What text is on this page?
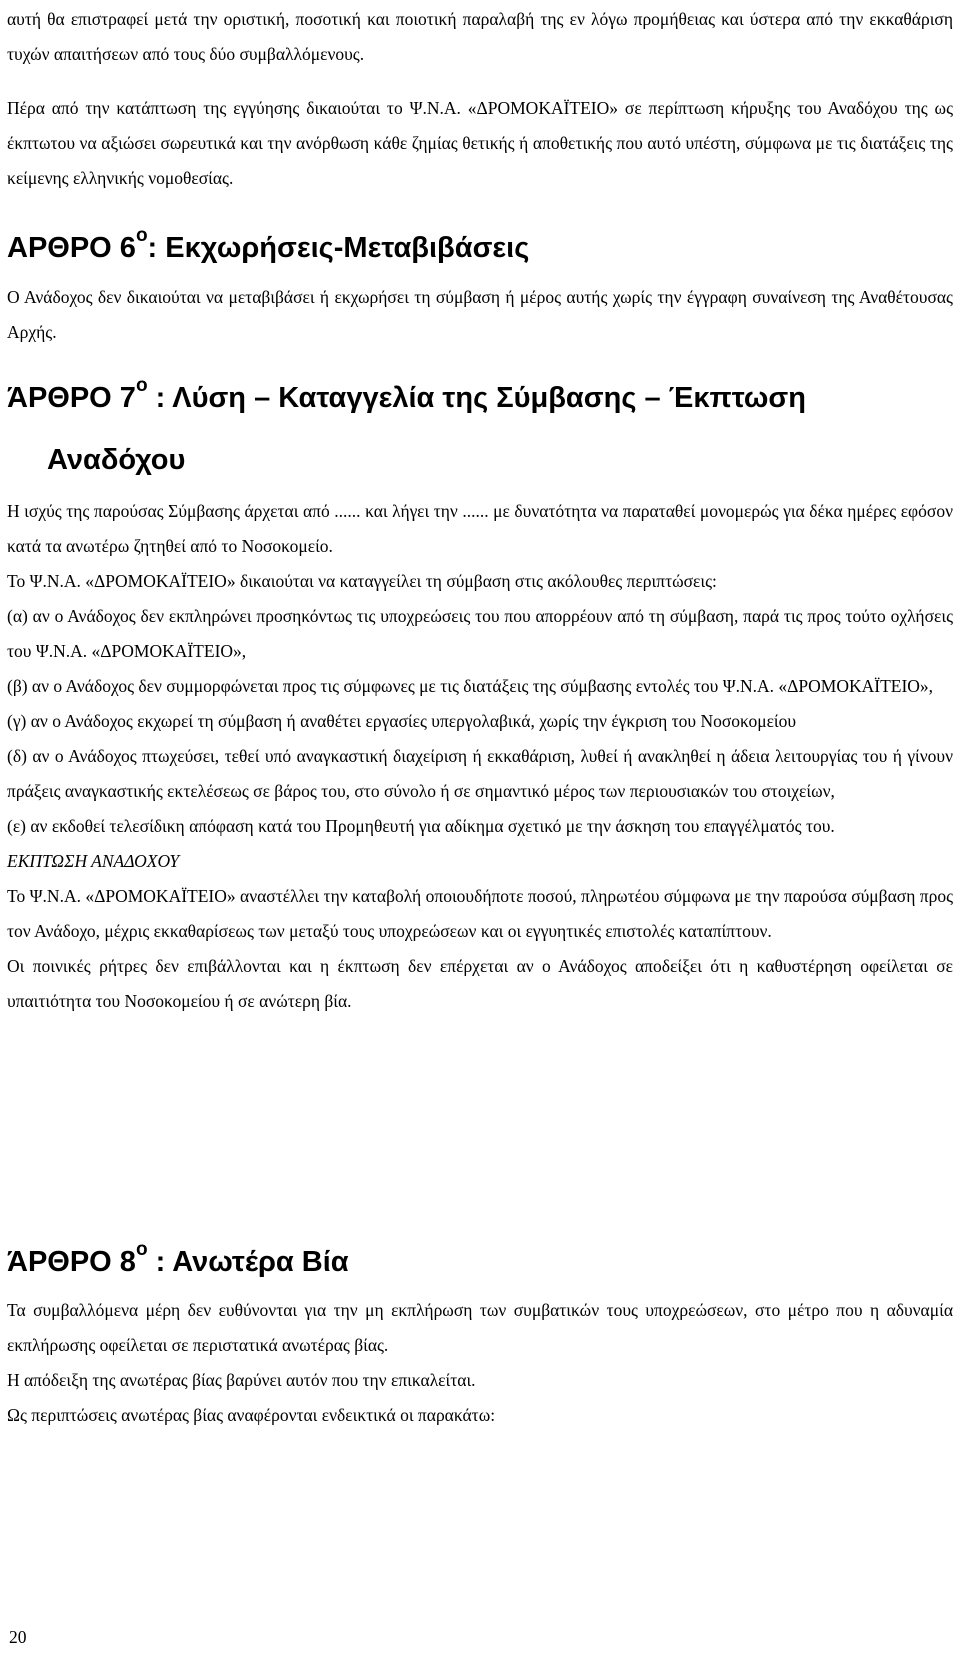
αυτή θα επιστραφεί μετά την οριστική, ποσοτική και ποιοτική παραλαβή της εν λόγω προμήθειας και ύστερα από την εκκαθάριση τυχών απαιτήσεων από τους δύο συμβαλλόμενους.

Πέρα από την κατάπτωση της εγγύησης δικαιούται το Ψ.Ν.Α. «ΔΡΟΜΟΚΑΪΤΕΙΟ» σε περίπτωση κήρυξης του Αναδόχου της ως έκπτωτου να αξιώσει σωρευτικά και την ανόρθωση κάθε ζημίας θετικής ή αποθετικής που αυτό υπέστη, σύμφωνα με τις διατάξεις της κείμενης ελληνικής νομοθεσίας.

ΑΡΘΡΟ $6^o$: Εκχωρήσεις-Μεταβιβάσεις

Ο Ανάδοχος δεν δικαιούται να μεταβιβάσει ή εκχωρήσει τη σύμβαση ή μέρος αυτής χωρίς την έγγραφη συναίνεση της Αναθέτουσας Αρχής.

ΆΡΘΡΟ $7^o$ : Λύση – Καταγγελία της Σύμβασης – Έκπτωση
Αναδόχου

Η ισχύς της παρούσας Σύμβασης άρχεται από ...... και λήγει την ...... με δυνατότητα να παραταθεί μονομερώς για δέκα ημέρες εφόσον κατά τα ανωτέρω ζητηθεί από το Νοσοκομείο.

Το Ψ.Ν.Α. «ΔΡΟΜΟΚΑΪΤΕΙΟ» δικαιούται να καταγγείλει τη σύμβαση στις ακόλουθες περιπτώσεις:

(α) αν ο Ανάδοχος δεν εκπληρώνει προσηκόντως τις υποχρεώσεις του που απορρέουν από τη σύμβαση, παρά τις προς τούτο οχλήσεις του Ψ.Ν.Α. «ΔΡΟΜΟΚΑΪΤΕΙΟ»,

(β) αν ο Ανάδοχος δεν συμμορφώνεται προς τις σύμφωνες με τις διατάξεις της σύμβασης εντολές του Ψ.Ν.Α. «ΔΡΟΜΟΚΑΪΤΕΙΟ»,

(γ) αν ο Ανάδοχος εκχωρεί τη σύμβαση ή αναθέτει εργασίες υπεργολαβικά, χωρίς την έγκριση του Νοσοκομείου

(δ) αν ο Ανάδοχος πτωχεύσει, τεθεί υπό αναγκαστική διαχείριση ή εκκαθάριση, λυθεί ή ανακληθεί η άδεια λειτουργίας του ή γίνουν πράξεις αναγκαστικής εκτελέσεως σε βάρος του, στο σύνολο ή σε σημαντικό μέρος των περιουσιακών του στοιχείων,

(ε) αν εκδοθεί τελεσίδικη απόφαση κατά του Προμηθευτή για αδίκημα σχετικό με την άσκηση του επαγγέλματός του.

ΕΚΠΤΩΣΗ ΑΝΑΔΟΧΟΥ

Το Ψ.Ν.Α. «ΔΡΟΜΟΚΑΪΤΕΙΟ» αναστέλλει την καταβολή οποιουδήποτε ποσού, πληρωτέου σύμφωνα με την παρούσα σύμβαση προς τον Ανάδοχο, μέχρις εκκαθαρίσεως των μεταξύ τους υποχρεώσεων και οι εγγυητικές επιστολές καταπίπτουν.

Οι ποινικές ρήτρες δεν επιβάλλονται και η έκπτωση δεν επέρχεται αν ο Ανάδοχος αποδείξει ότι η καθυστέρηση οφείλεται σε υπαιτιότητα του Νοσοκομείου ή σε ανώτερη βία.

ΆΡΘΡΟ $8^o$ : Ανωτέρα Βία

Τα συμβαλλόμενα μέρη δεν ευθύνονται για την μη εκπλήρωση των συμβατικών τους υποχρεώσεων, στο μέτρο που η αδυναμία εκπλήρωσης οφείλεται σε περιστατικά ανωτέρας βίας.

Η απόδειξη της ανωτέρας βίας βαρύνει αυτόν που την επικαλείται.

Ως περιπτώσεις ανωτέρας βίας αναφέρονται ενδεικτικά οι παρακάτω:

20
